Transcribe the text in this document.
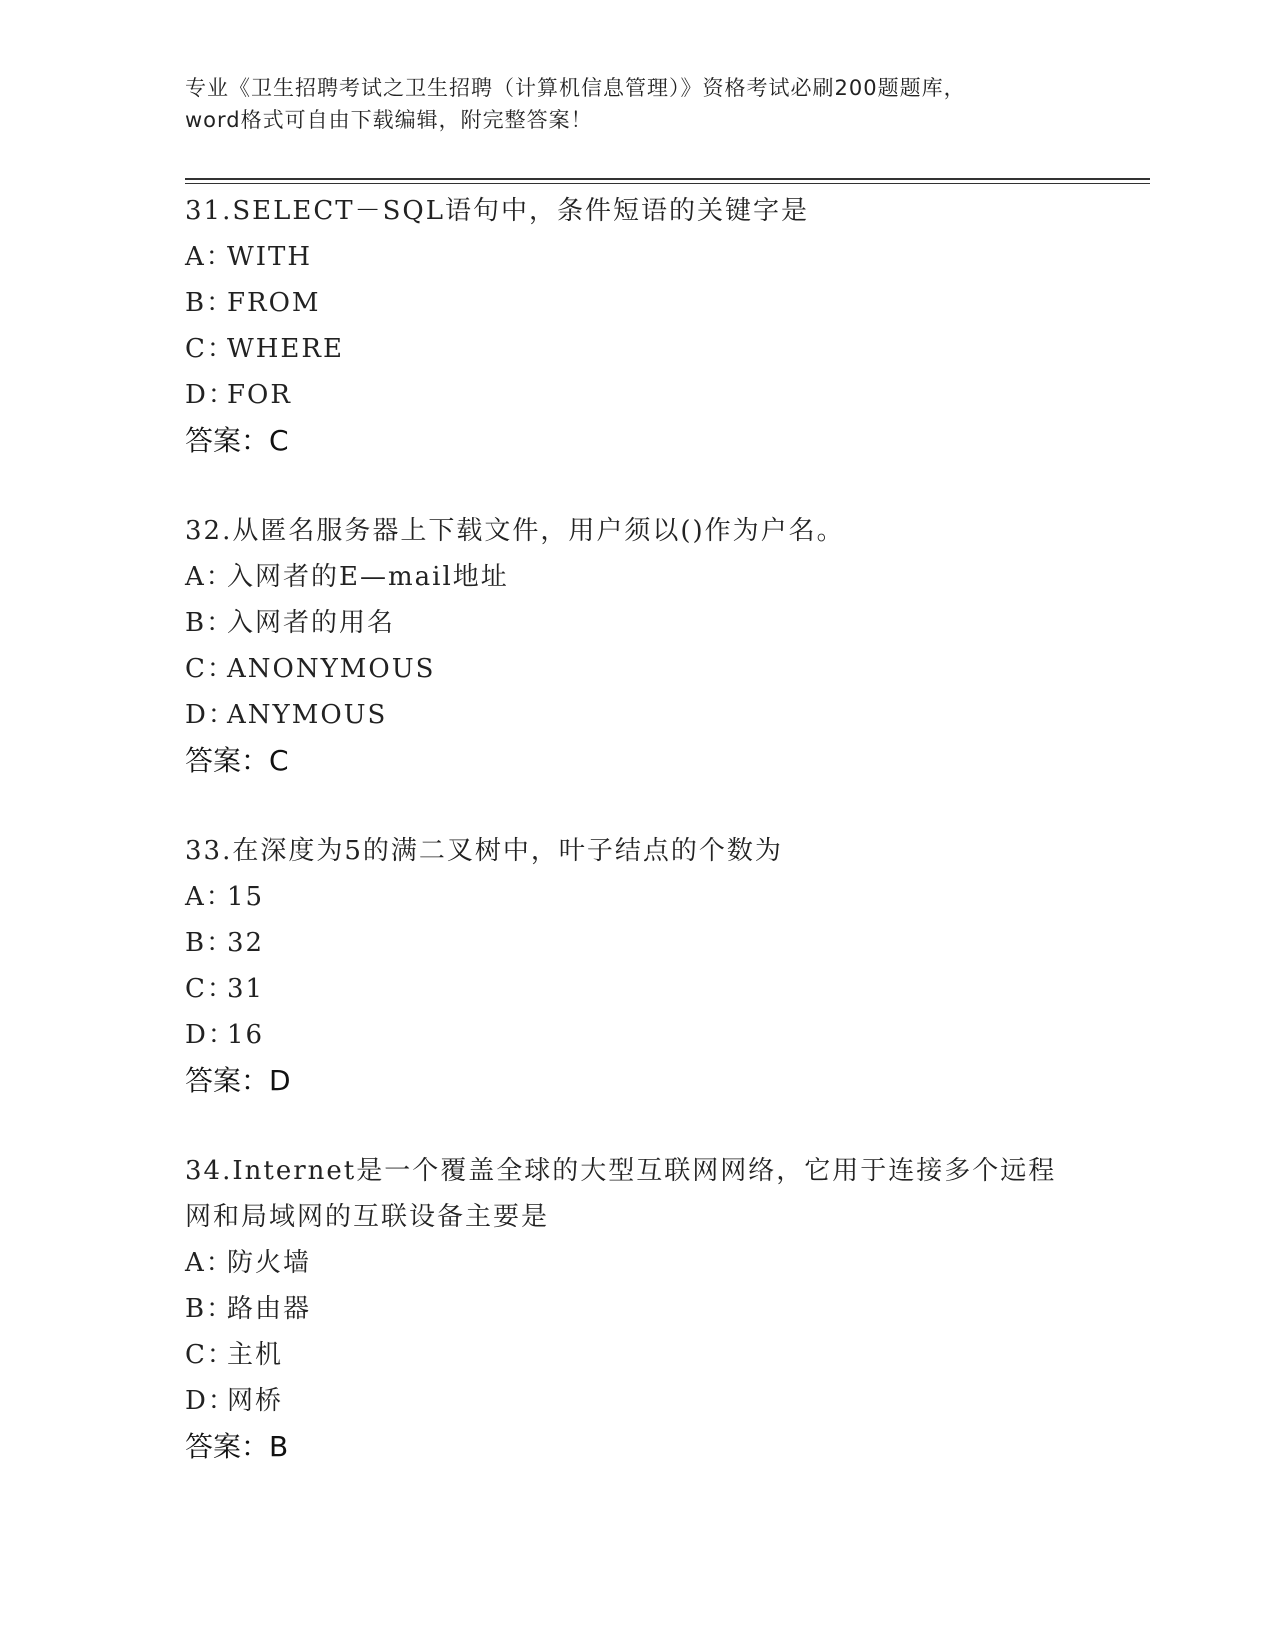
专业《卫生招聘考试之卫生招聘（计算机信息管理）》资格考试必刷200题题库，
word格式可自由下载编辑，附完整答案！
31.SELECT－SQL语句中，条件短语的关键字是
A：WITH
B：FROM
C：WHERE
D：FOR
答案：C
32.从匿名服务器上下载文件，用户须以()作为户名。
A：入网者的E—mail地址
B：入网者的用名
C：ANONYMOUS
D：ANYMOUS
答案：C
33.在深度为5的满二叉树中，叶子结点的个数为
A：15
B：32
C：31
D：16
答案：D
34.Internet是一个覆盖全球的大型互联网网络，它用于连接多个远程
网和局域网的互联设备主要是
A：防火墙
B：路由器
C：主机
D：网桥
答案：B
